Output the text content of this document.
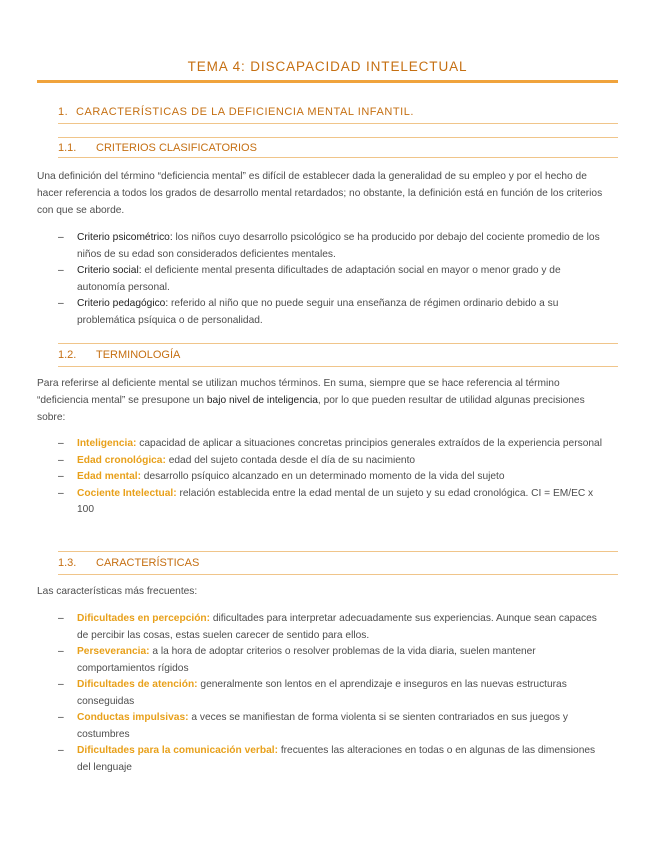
TEMA 4: DISCAPACIDAD INTELECTUAL
1. CARACTERÍSTICAS DE LA DEFICIENCIA MENTAL INFANTIL.
1.1. CRITERIOS CLASIFICATORIOS

Una definición del término “deficiencia mental” es difícil de establecer dada la generalidad de su empleo y por el hecho de hacer referencia a todos los grados de desarrollo mental retardados; no obstante, la definición está en función de los criterios con que se aborde.

– Criterio psicométrico: los niños cuyo desarrollo psicológico se ha producido por debajo del cociente promedio de los niños de su edad son considerados deficientes mentales.
– Criterio social: el deficiente mental presenta dificultades de adaptación social en mayor o menor grado y de autonomía personal.
– Criterio pedagógico: referido al niño que no puede seguir una enseñanza de régimen ordinario debido a su problemática psíquica o de personalidad.
1.2. TERMINOLOGÍA

Para referirse al deficiente mental se utilizan muchos términos. En suma, siempre que se hace referencia al término “deficiencia mental” se presupone un bajo nivel de inteligencia, por lo que pueden resultar de utilidad algunas precisiones sobre:

– Inteligencia: capacidad de aplicar a situaciones concretas principios generales extraídos de la experiencia personal
– Edad cronológica: edad del sujeto contada desde el día de su nacimiento
– Edad mental: desarrollo psíquico alcanzado en un determinado momento de la vida del sujeto
– Cociente Intelectual: relación establecida entre la edad mental de un sujeto y su edad cronológica. CI = EM/EC x 100
1.3. CARACTERÍSTICAS

Las características más frecuentes:

– Dificultades en percepción: dificultades para interpretar adecuadamente sus experiencias. Aunque sean capaces de percibir las cosas, estas suelen carecer de sentido para ellos.
– Perseverancia: a la hora de adoptar criterios o resolver problemas de la vida diaria, suelen mantener comportamientos rígidos
– Dificultades de atención: generalmente son lentos en el aprendizaje e inseguros en las nuevas estructuras conseguidas
– Conductas impulsivas: a veces se manifiestan de forma violenta si se sienten contrariados en sus juegos y costumbres
– Dificultades para la comunicación verbal: frecuentes las alteraciones en todas o en algunas de las dimensiones del lenguaje
